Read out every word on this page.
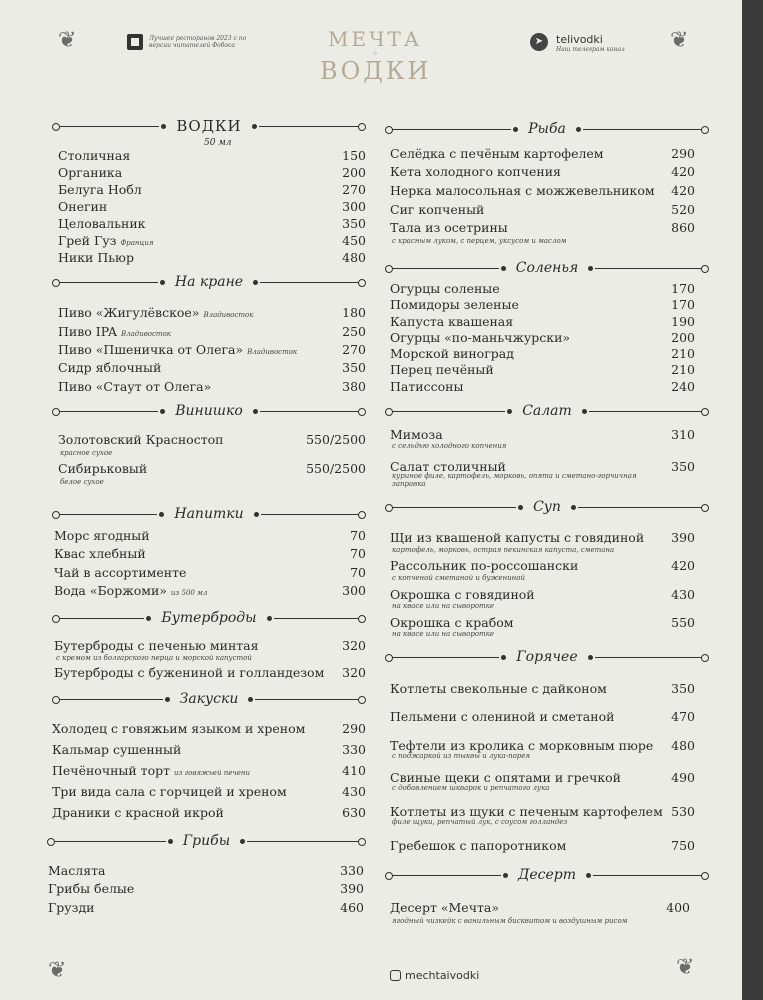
❦	❦
❦	❦
Лучшее ресторанов 2023 с по версии читателей Фобоса	МЕЧТА
о
ВОДКИ
➤	telivodki
Наш телеграм канал
mechtaivodki
ВОДКИ
50 мл
Столичная	150
Органика	200
Белуга Нобл	270
Онегин	300
Целовальник	350
Грей Гуз Франция	450
Ники Пьюр	480
На кране
Пиво «Жигулёвское» Владивосток	180
Пиво IPA Владивосток	250
Пиво «Пшеничка от Олега» Владивосток	270
Сидр яблочный	350
Пиво «Стаут от Олега»	380
Винишко
Золотовский Красностоп	550/2500
красное сухое
Сибирьковый	550/2500
белое сухое
Напитки
Морс ягодный	70
Квас хлебный	70
Чай в ассортименте	70
Вода «Боржоми» из 500 мл	300
Бутерброды
Бутерброды с печенью минтая	320
с кремом из болгарского перца и морской капустой
Бутерброды с бужениной и голландезом 320
Закуски
Холодец с говяжьим языком и хреном	290
Кальмар сушенный	330
Печёночный торт из говяжьей печени	410
Три вида сала с горчицей и хреном	430
Драники с красной икрой	630
Грибы
Маслята	330
Грибы белые	390
Грузди	460
Рыба
Селёдка с печёным картофелем	290
Кета холодного копчения	420
Нерка малосольная с можжевельником 420
Сиг копченый	520
Тала из осетрины	860
с красным луком, с перцем, уксусом и маслом
Соленья
Огурцы соленые	170
Помидоры зеленые	170
Капуста квашеная	190
Огурцы «по-маньчжурски»	200
Морской виноград	210
Перец печёный	210
Патиссоны	240
Салат
Мимоза	310
с сельдью холодного копчения
Салат столичный	350
куриное филе, картофель, морковь, опята и сметано-горчичная заправка
Суп
Щи из квашеной капусты с говядиной 390
картофель, морковь, острая пекинская капуста, сметана
Рассольник по-россошански	420
с копченой сметаной и бужениной
Окрошка с говядиной	430
на квасе или на сыворотке
Окрошка с крабом	550
на квасе или на сыворотке
Горячее
Котлеты свекольные с дайконом	350
Пельмени с олениной и сметаной	470
Тефтели из кролика с морковным пюре 480
с поджаркой из тыквы и лука-порея
Свиные щеки с опятами и гречкой	490
с добавлением шкварок и репчатого лука
Котлеты из щуки с печеным картофелем 530
филе щуки, репчатый лук, с соусом голландез
Гребешок с папоротником	750
Десерт
Десерт «Мечта»	400
ягодный чизкейк с ванильным бисквитом и воздушным рисом
